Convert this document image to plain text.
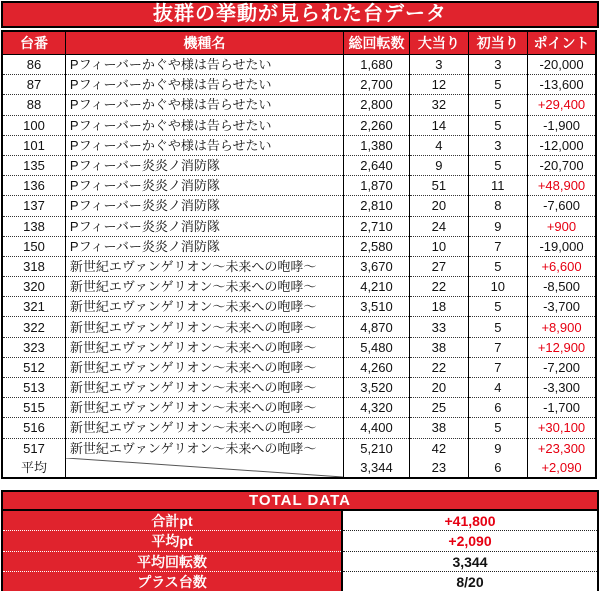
抜群の挙動が見られた台データ
台番	機種名	総回転数	大当り	初当り	ポイント
86	Pフィーバーかぐや様は告らせたい	1,680	3	3	-20,000
87	Pフィーバーかぐや様は告らせたい	2,700	12	5	-13,600
88	Pフィーバーかぐや様は告らせたい	2,800	32	5	+29,400
100	Pフィーバーかぐや様は告らせたい	2,260	14	5	-1,900
101	Pフィーバーかぐや様は告らせたい	1,380	4	3	-12,000
135	Pフィーバー炎炎ノ消防隊	2,640	9	5	-20,700
136	Pフィーバー炎炎ノ消防隊	1,870	51	11	+48,900
137	Pフィーバー炎炎ノ消防隊	2,810	20	8	-7,600
138	Pフィーバー炎炎ノ消防隊	2,710	24	9	+900
150	Pフィーバー炎炎ノ消防隊	2,580	10	7	-19,000
318	新世紀エヴァンゲリオン～未来への咆哮～	3,670	27	5	+6,600
320	新世紀エヴァンゲリオン～未来への咆哮～	4,210	22	10	-8,500
321	新世紀エヴァンゲリオン～未来への咆哮～	3,510	18	5	-3,700
322	新世紀エヴァンゲリオン～未来への咆哮～	4,870	33	5	+8,900
323	新世紀エヴァンゲリオン～未来への咆哮～	5,480	38	7	+12,900
512	新世紀エヴァンゲリオン～未来への咆哮～	4,260	22	7	-7,200
513	新世紀エヴァンゲリオン～未来への咆哮～	3,520	20	4	-3,300
515	新世紀エヴァンゲリオン～未来への咆哮～	4,320	25	6	-1,700
516	新世紀エヴァンゲリオン～未来への咆哮～	4,400	38	5	+30,100
517	新世紀エヴァンゲリオン～未来への咆哮～	5,210	42	9	+23,300
平均		3,344	23	6	+2,090
TOTAL DATA	
合計pt	+41,800
平均pt	+2,090
平均回転数	3,344
プラス台数	8/20
